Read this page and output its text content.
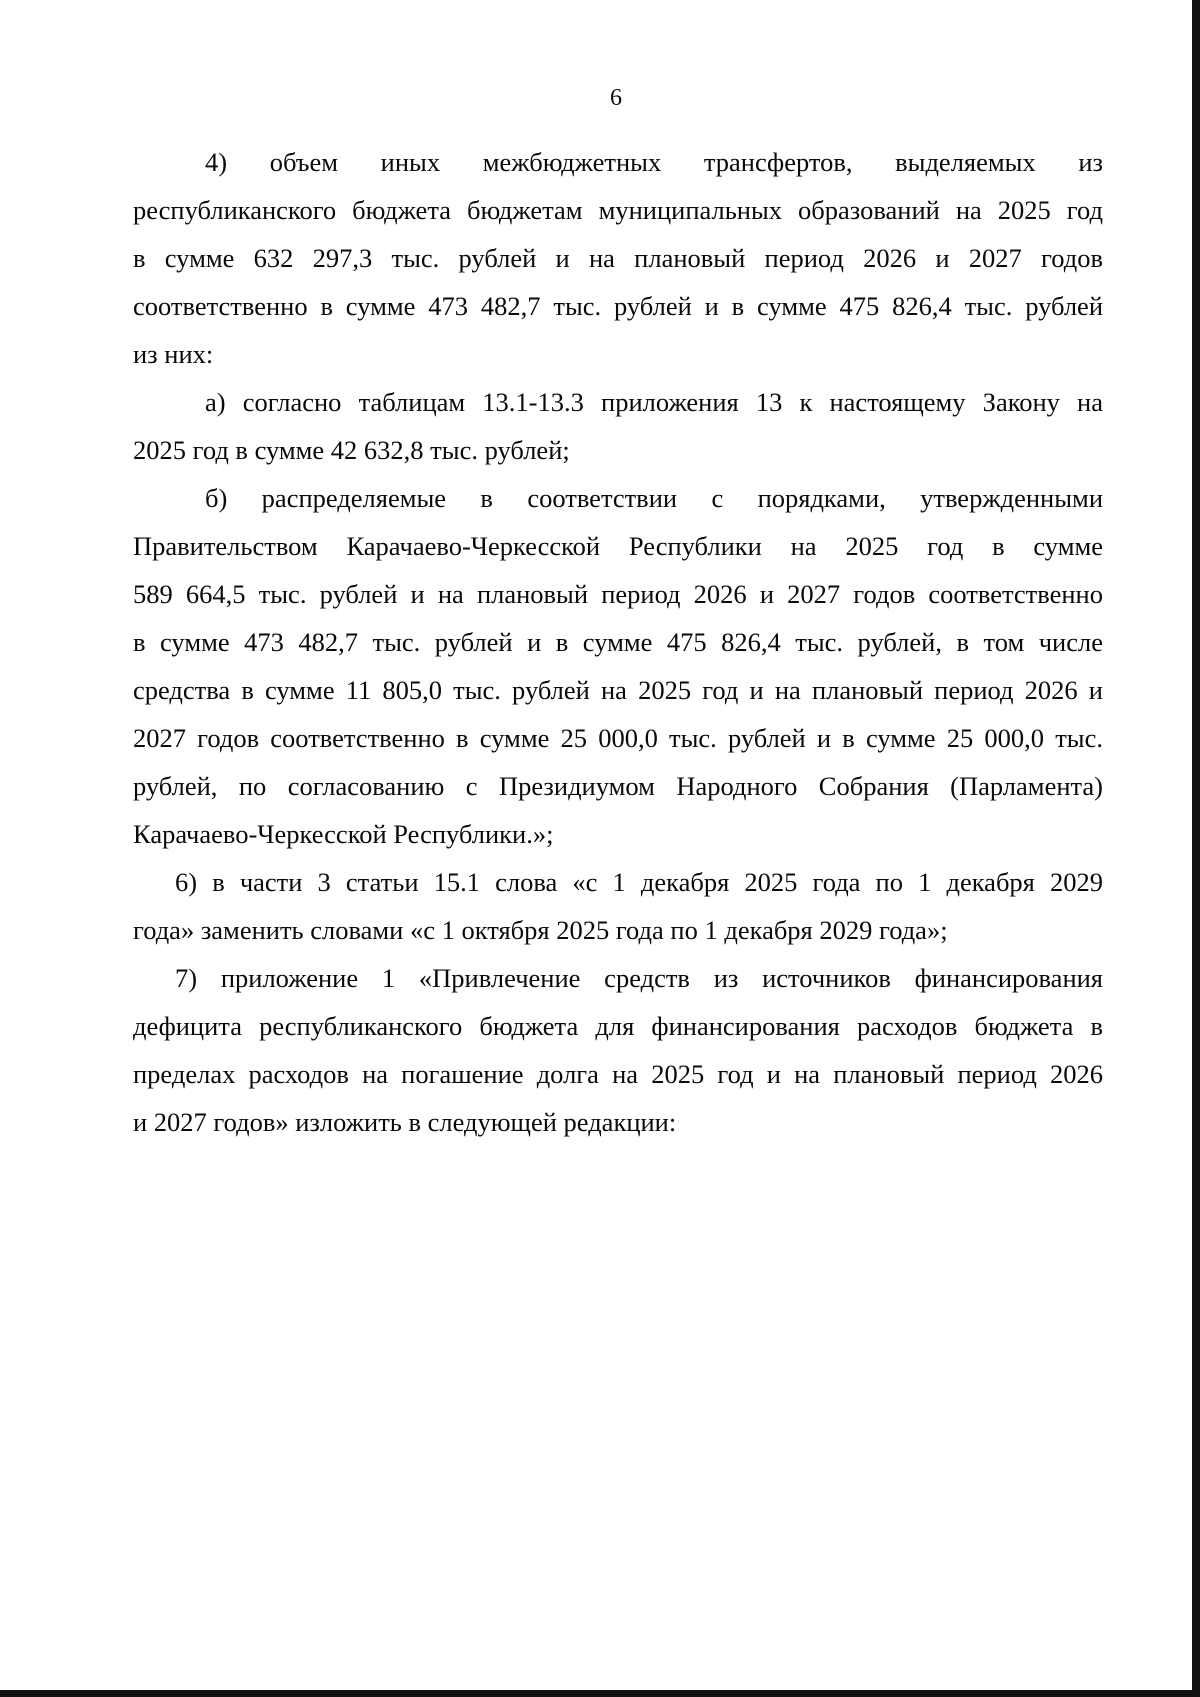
6
4) объем иных межбюджетных трансфертов, выделяемых из
республиканского бюджета бюджетам муниципальных образований на 2025 год
в сумме 632 297,3 тыс. рублей и на плановый период 2026 и 2027 годов
соответственно в сумме 473 482,7 тыс. рублей и в сумме 475 826,4 тыс. рублей
из них:
а) согласно таблицам 13.1-13.3 приложения 13 к настоящему Закону на
2025 год в сумме 42 632,8 тыс. рублей;
б) распределяемые в соответствии с порядками, утвержденными
Правительством Карачаево-Черкесской Республики на 2025 год в сумме
589 664,5 тыс. рублей и на плановый период 2026 и 2027 годов соответственно
в сумме 473 482,7 тыс. рублей и в сумме 475 826,4 тыс. рублей, в том числе
средства в сумме 11 805,0 тыс. рублей на 2025 год и на плановый период 2026 и
2027 годов соответственно в сумме 25 000,0 тыс. рублей и в сумме 25 000,0 тыс.
рублей, по согласованию с Президиумом Народного Собрания (Парламента)
Карачаево-Черкесской Республики.»;
6) в части 3 статьи 15.1 слова «с 1 декабря 2025 года по 1 декабря 2029
года» заменить словами «с 1 октября 2025 года по 1 декабря 2029 года»;
7) приложение 1 «Привлечение средств из источников финансирования
дефицита республиканского бюджета для финансирования расходов бюджета в
пределах расходов на погашение долга на 2025 год и на плановый период 2026
и 2027 годов» изложить в следующей редакции:
